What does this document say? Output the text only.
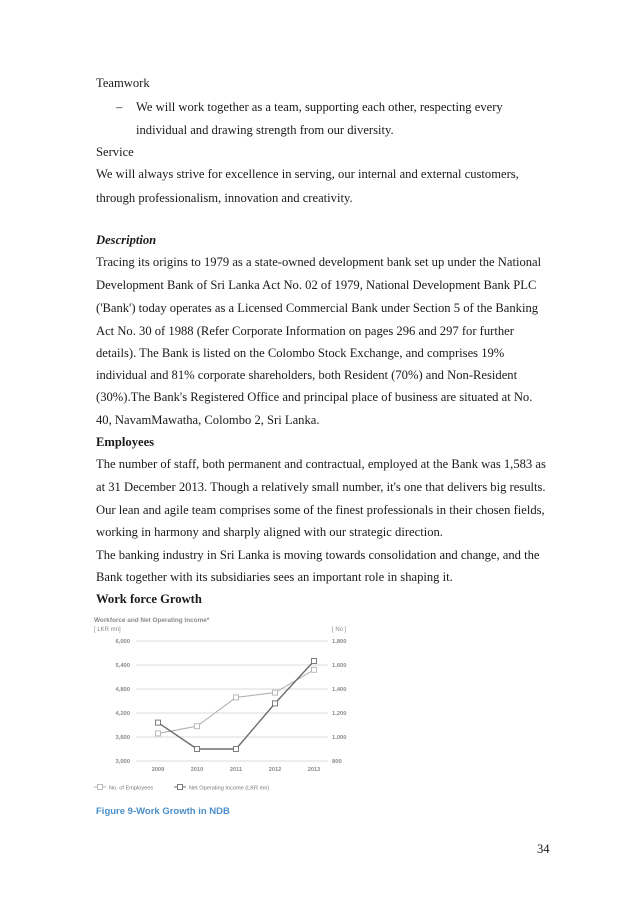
Teamwork
– We will work together as a team, supporting each other, respecting every
individual and drawing strength from our diversity.
Service
We will always strive for excellence in serving, our internal and external customers,
through professionalism, innovation and creativity.
Description
Tracing its origins to 1979 as a state-owned development bank set up under the National
Development Bank of Sri Lanka Act No. 02 of 1979, National Development Bank PLC
('Bank') today operates as a Licensed Commercial Bank under Section 5 of the Banking
Act No. 30 of 1988 (Refer Corporate Information on pages 296 and 297 for further
details). The Bank is listed on the Colombo Stock Exchange, and comprises 19%
individual and 81% corporate shareholders, both Resident (70%) and Non-Resident
(30%).The Bank's Registered Office and principal place of business are situated at No.
40, NavamMawatha, Colombo 2, Sri Lanka.
Employees
The number of staff, both permanent and contractual, employed at the Bank was 1,583 as
at 31 December 2013. Though a relatively small number, it's one that delivers big results.
Our lean and agile team comprises some of the finest professionals in their chosen fields,
working in harmony and sharply aligned with our strategic direction.
The banking industry in Sri Lanka is moving towards consolidation and change, and the
Bank together with its subsidiaries sees an important role in shaping it.
Work force Growth
Workforce and Net Operating Income*
[ LKR mn]	[ No ]
6,000	1,800
5,400	1,600
4,800	1,400
4,200	1,200
3,600	1,000
3,000	800
2009	2010	2011	2012	2013
No. of Employees	Net Operating Income (LKR mn)
Figure 9-Work Growth in NDB
34
